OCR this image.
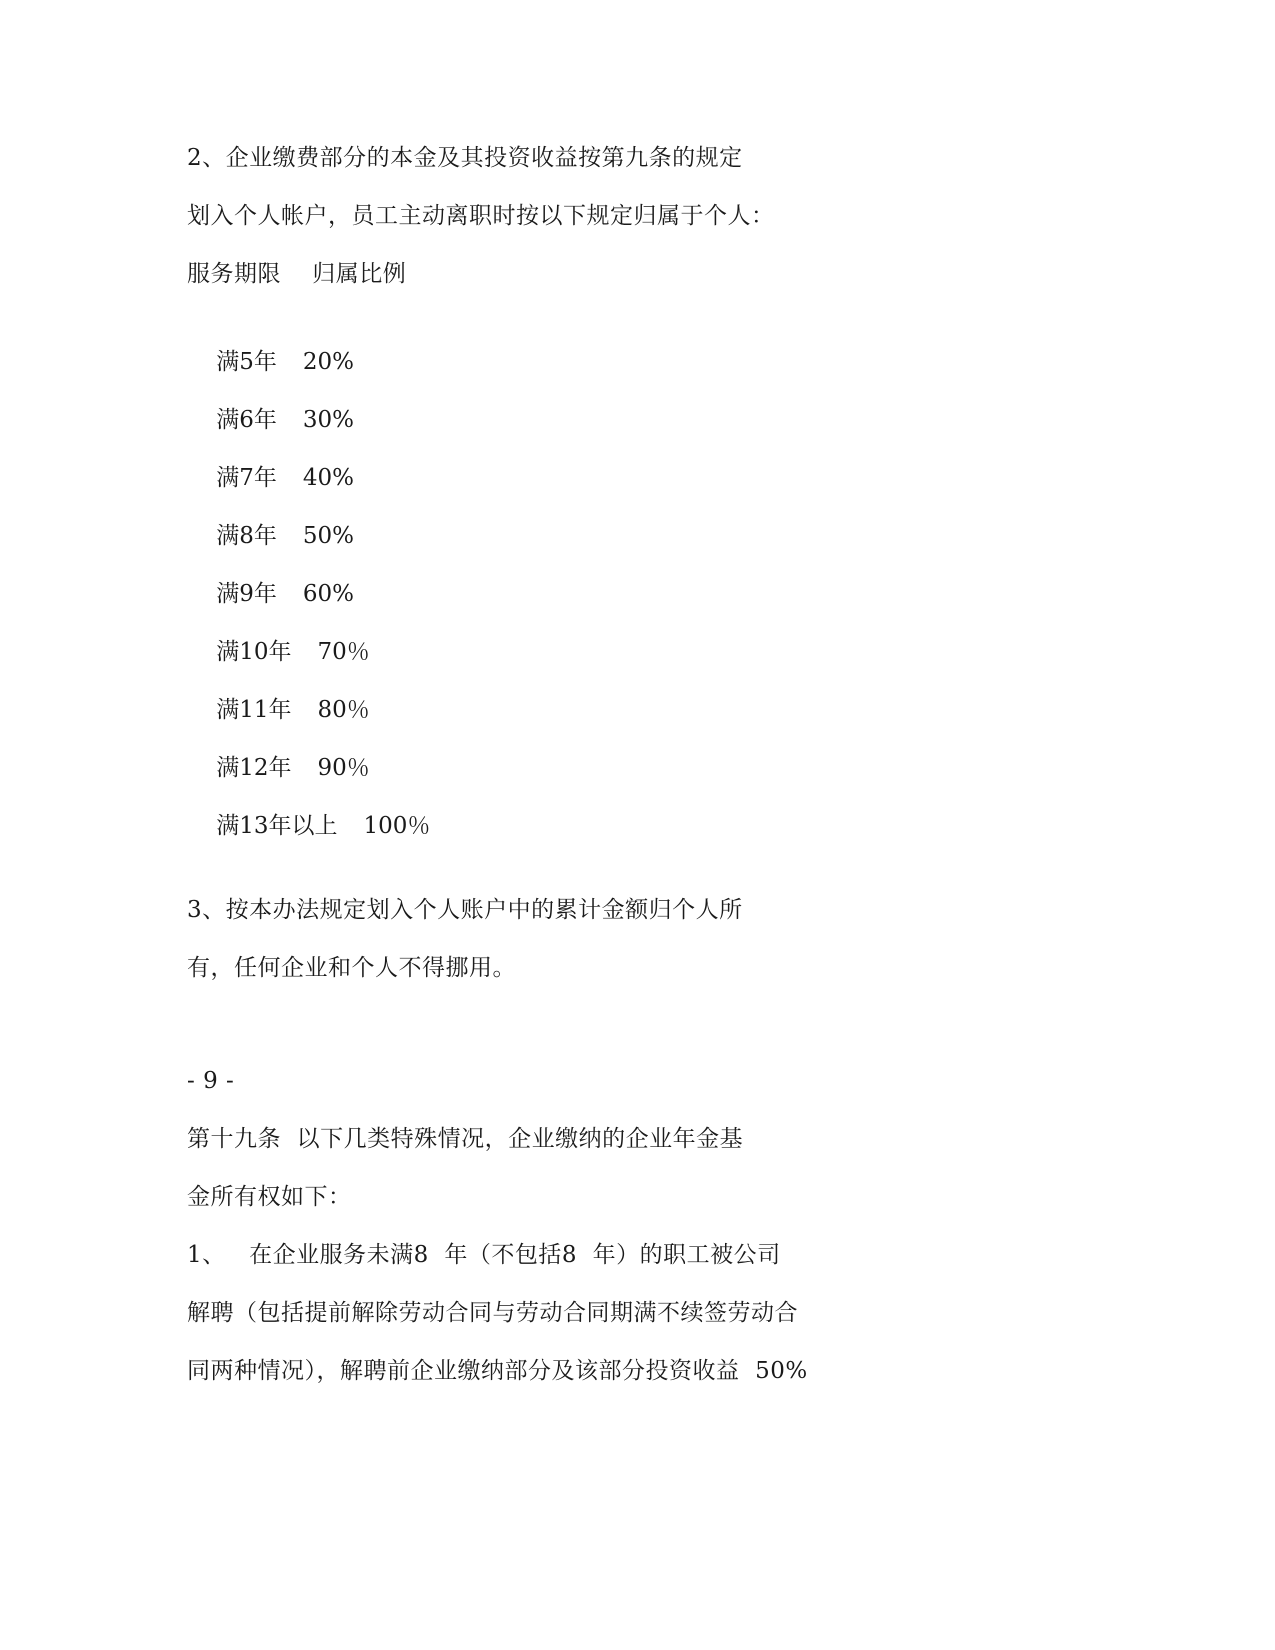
2、企业缴费部分的本金及其投资收益按第九条的规定
划入个人帐户，员工主动离职时按以下规定归属于个人：
服务期限    归属比例

满5年 20%

满6年 30%

满7年 40%

满8年 50%

满9年 60%

满10年 70％

满11年 80％

满12年 90％

满13年以上 100％

3、按本办法规定划入个人账户中的累计金额归个人所
有，任何企业和个人不得挪用。
- 9 -
第十九条  以下几类特殊情况，企业缴纳的企业年金基
金所有权如下：
1、   在企业服务未满8  年（不包括8  年）的职工被公司
解聘（包括提前解除劳动合同与劳动合同期满不续签劳动合
同两种情况），解聘前企业缴纳部分及该部分投资收益  50%
